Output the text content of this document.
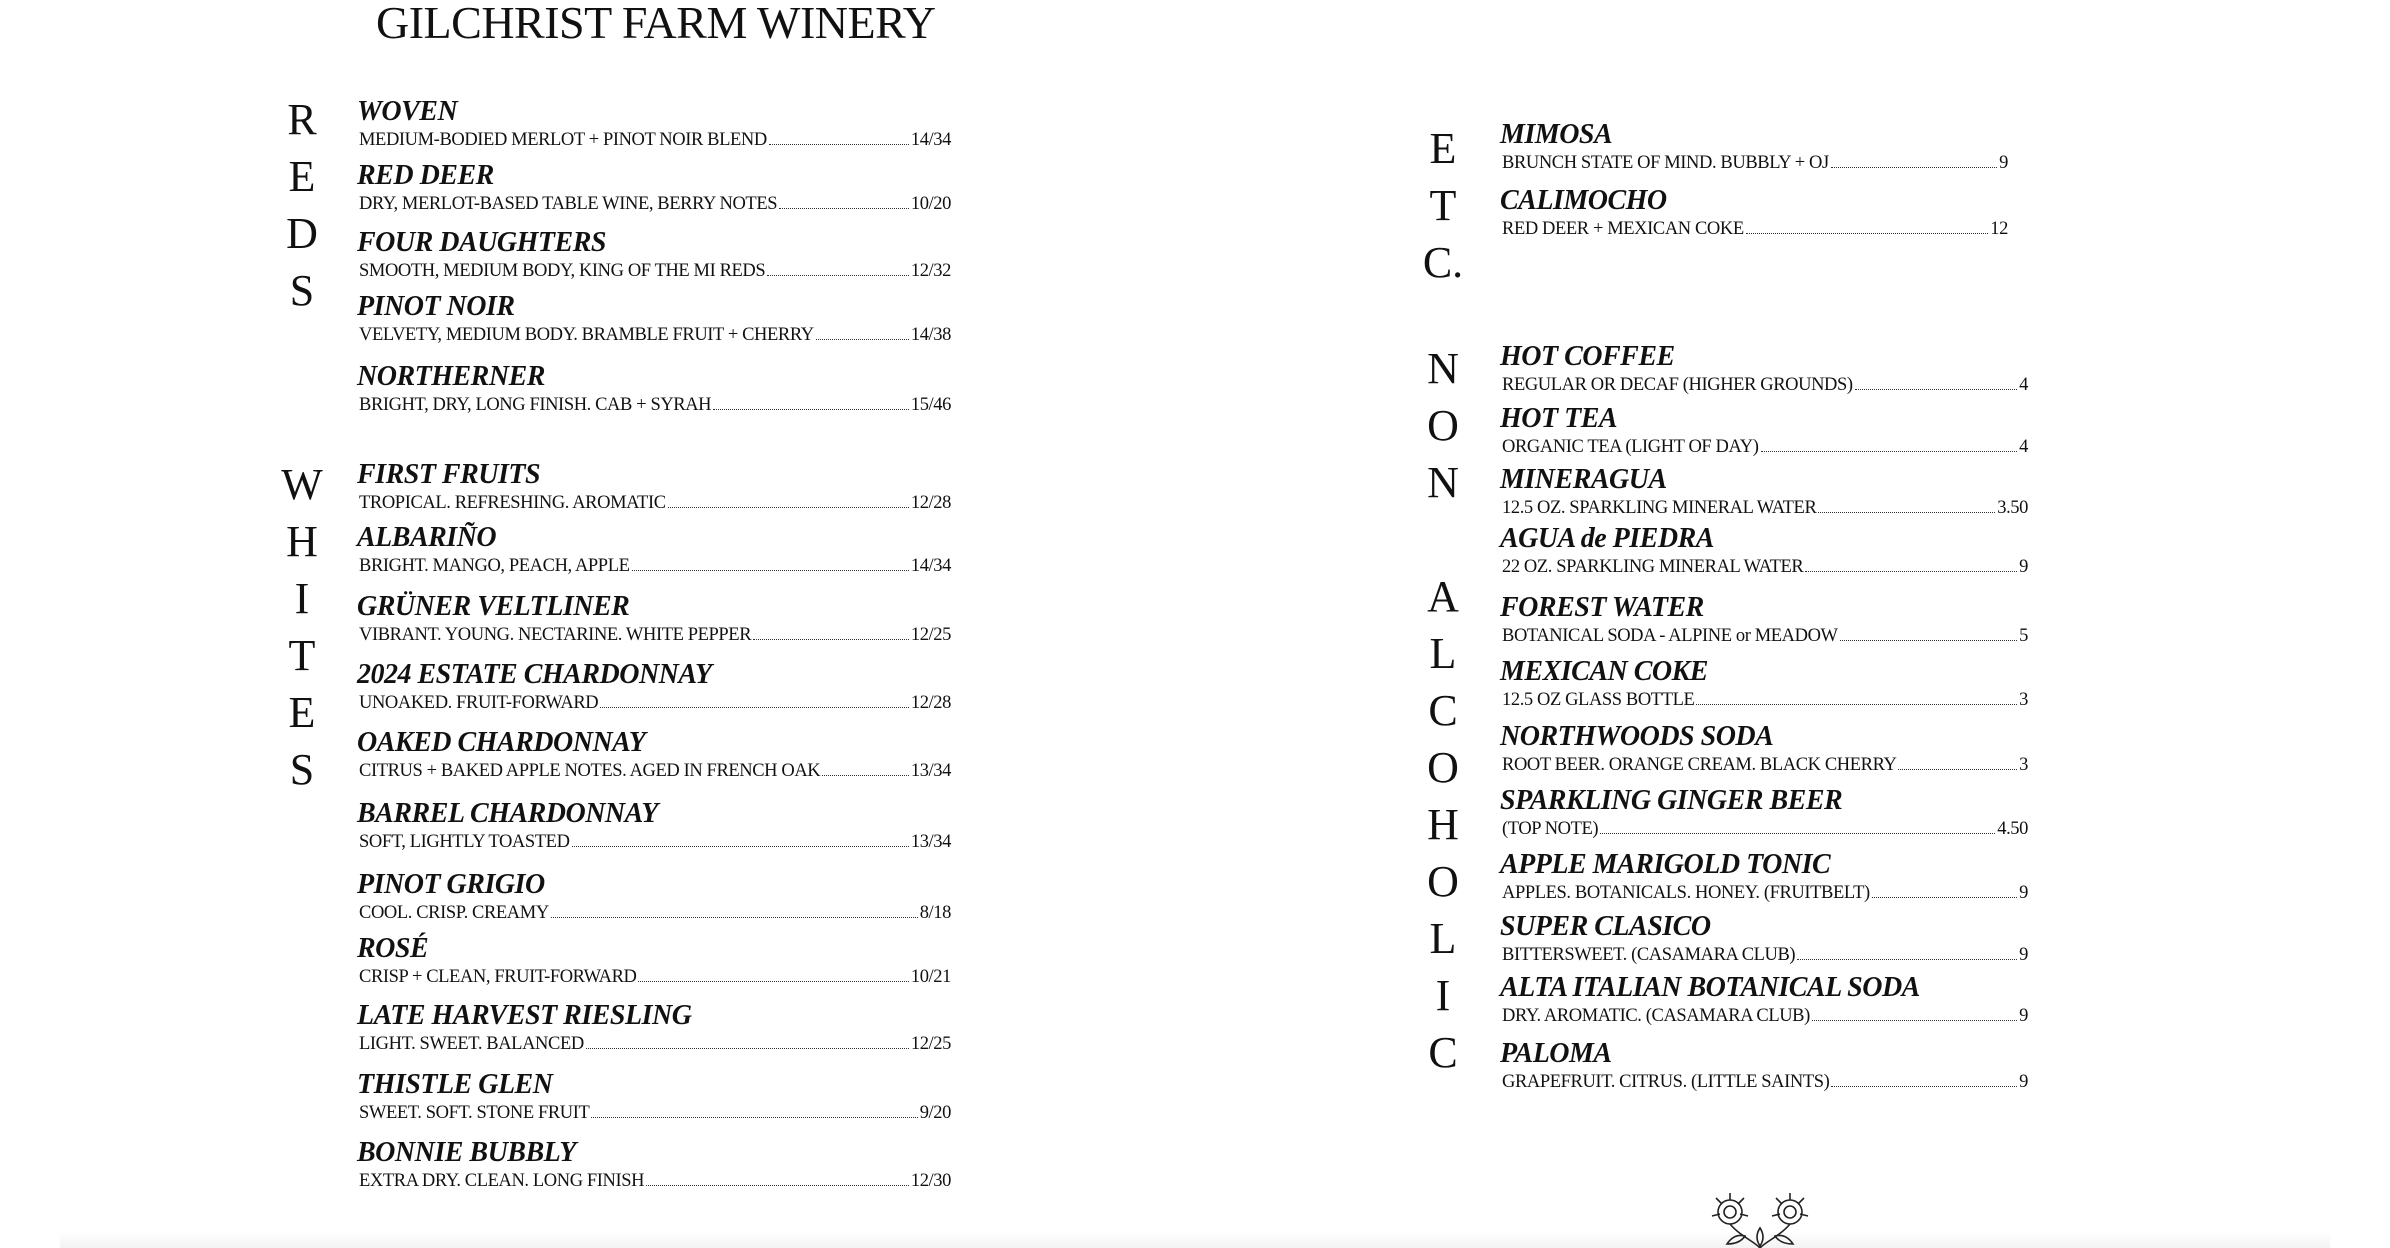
GILCHRIST FARM WINERY
R
E
D
S
W
H
I
T
E
S
E
T
C.
N
O
N
A
L
C
O
H
O
L
I
C
WOVEN
MEDIUM-BODIED MERLOT + PINOT NOIR BLEND	14/34
RED DEER
DRY, MERLOT-BASED TABLE WINE, BERRY NOTES	10/20
FOUR DAUGHTERS
SMOOTH, MEDIUM BODY, KING OF THE MI REDS	12/32
PINOT NOIR
VELVETY, MEDIUM BODY. BRAMBLE FRUIT + CHERRY	14/38
NORTHERNER
BRIGHT, DRY, LONG FINISH. CAB + SYRAH	15/46
FIRST FRUITS
TROPICAL. REFRESHING. AROMATIC	12/28
ALBARIÑO
BRIGHT. MANGO, PEACH, APPLE	14/34
GRÜNER VELTLINER
VIBRANT. YOUNG. NECTARINE. WHITE PEPPER	12/25
2024 ESTATE CHARDONNAY
UNOAKED. FRUIT-FORWARD	12/28
OAKED CHARDONNAY
CITRUS + BAKED APPLE NOTES. AGED IN FRENCH OAK	13/34
BARREL CHARDONNAY
SOFT, LIGHTLY TOASTED	13/34
PINOT GRIGIO
COOL. CRISP. CREAMY	8/18
ROSÉ
CRISP + CLEAN, FRUIT-FORWARD	10/21
LATE HARVEST RIESLING
LIGHT. SWEET. BALANCED	12/25
THISTLE GLEN
SWEET. SOFT. STONE FRUIT	9/20
BONNIE BUBBLY
EXTRA DRY. CLEAN. LONG FINISH	12/30
MIMOSA
BRUNCH STATE OF MIND. BUBBLY + OJ	9
CALIMOCHO
RED DEER + MEXICAN COKE	12
HOT COFFEE
REGULAR OR DECAF (HIGHER GROUNDS)	4
HOT TEA
ORGANIC TEA (LIGHT OF DAY)	4
MINERAGUA
12.5 OZ. SPARKLING MINERAL WATER	3.50
AGUA de PIEDRA
22 OZ. SPARKLING MINERAL WATER	9
FOREST WATER
BOTANICAL SODA - ALPINE or MEADOW	5
MEXICAN COKE
12.5 OZ GLASS BOTTLE	3
NORTHWOODS SODA
ROOT BEER. ORANGE CREAM. BLACK CHERRY	3
SPARKLING GINGER BEER
(TOP NOTE)	4.50
APPLE MARIGOLD TONIC
APPLES. BOTANICALS. HONEY. (FRUITBELT)	9
SUPER CLASICO
BITTERSWEET. (CASAMARA CLUB)	9
ALTA ITALIAN BOTANICAL SODA
DRY. AROMATIC. (CASAMARA CLUB)	9
PALOMA
GRAPEFRUIT. CITRUS. (LITTLE SAINTS)	9
